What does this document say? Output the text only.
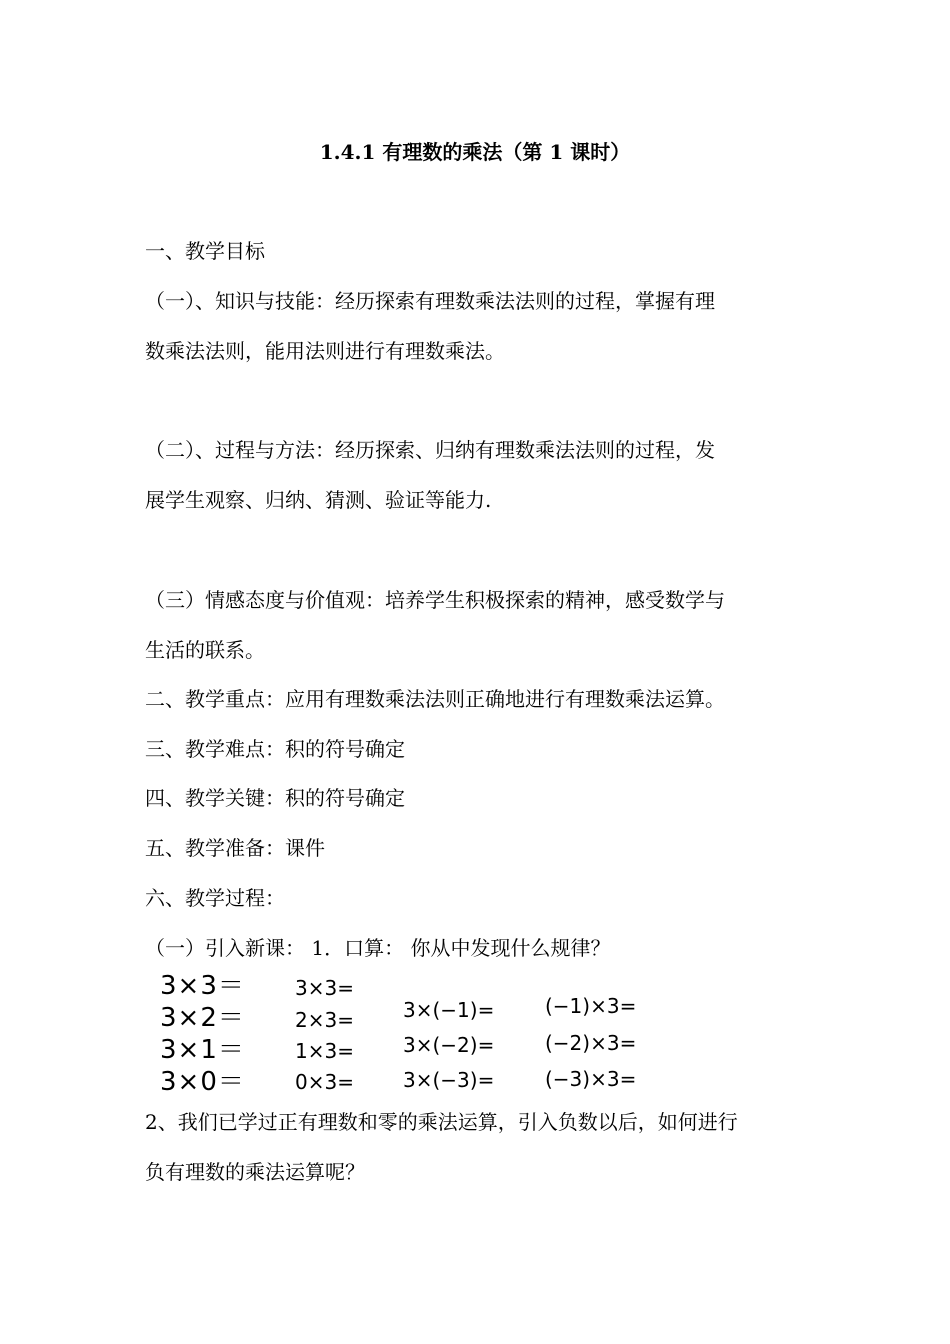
1.4.1 有理数的乘法（第 1 课时）
一、教学目标
（一）、知识与技能：经历探索有理数乘法法则的过程，掌握有理
数乘法法则，能用法则进行有理数乘法。
（二）、过程与方法：经历探索、归纳有理数乘法法则的过程，发
展学生观察、归纳、猜测、验证等能力.
（三）情感态度与价值观：培养学生积极探索的精神，感受数学与
生活的联系。
二、教学重点：应用有理数乘法法则正确地进行有理数乘法运算。
三、教学难点：积的符号确定
四、教学关键：积的符号确定
五、教学准备：课件
六、教学过程：
（一）引入新课： 1．口算： 你从中发现什么规律？
3×3＝
3×2＝
3×1＝
3×0＝
3×3=
2×3=
1×3=
0×3=
3×(−1)=
3×(−2)=
3×(−3)=
(−1)×3=
(−2)×3=
(−3)×3=
2、我们已学过正有理数和零的乘法运算，引入负数以后，如何进行
负有理数的乘法运算呢？
